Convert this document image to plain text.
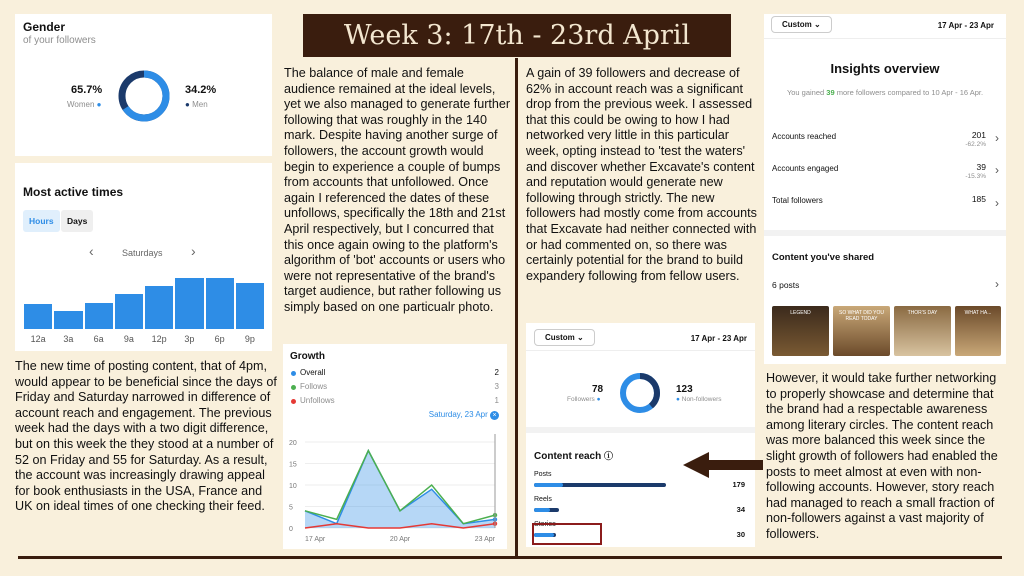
Week 3: 17th - 23rd April
Gender
of your followers
65.7%
Women ●
34.2%
● Men
Most active times
Hours	Days
‹	Saturdays ›
12a	3a	6a	9a	12p	3p	6p	9p
The new time of posting content, that of 4pm, would appear to be beneficial since the days of Friday and Saturday narrowed in difference of account reach and engagement. The previous week had the days with a two digit difference, but on this week the they stood at a number of 52 on Friday and 55 for Saturday. As a result, the account was increasingly drawing appeal for book enthusiasts in the USA, France and UK on ideal times of one checking their feed.
The balance of male and female audience remained at the ideal levels, yet we also managed to generate further following that was roughly in the 140 mark. Despite having another surge of followers, the account growth would begin to experience a couple of bumps from accounts that unfollowed. Once again I referenced the dates of these unfollows, specifically the 18th and 21st April respectively, but I concurred that this once again owing to the platform's algorithm of 'bot' accounts or users who were not representative of the brand's target audience, but rather following us simply based on one particualr photo.
Growth
Overall	2
Follows	3
Unfollows	1
Saturday, 23 Apr ×
20
15
10
5
0
17 Apr	20 Apr	23 Apr
A gain of 39 followers and decrease of 62% in account reach was a significant drop from the previous week. I assessed that this could be owing to how I had networked very little in this particular week, opting instead to 'test the waters' and discover whether Excavate's content and reputation would generate new following through strictly. The new followers had mostly come from accounts that Excavate had neither connected with or had commented on, so there was certainly potential for the brand to build expandery following from fellow users.
Custom ⌄	17 Apr - 23 Apr
78
Followers ●
123
● Non-followers
Content reach ⓘ
Posts
179
Reels
34
Stories
30
Custom ⌄	17 Apr - 23 Apr
Insights overview
You gained 39 more followers compared to 10 Apr - 16 Apr.
Accounts reached	201
-62.2% ›
Accounts engaged	39
-15.3% ›
Total followers	185 ›
Content you've shared
6 posts	›
LEGEND	SO WHAT DID YOU READ TODAY
THOR'S DAY	WHAT HA...
However, it would take further networking to properly showcase and determine that the brand had a respectable awareness among literary circles. The content reach was more balanced this week since the slight growth of followers had enabled the posts to meet almost at even with non-following accounts. However, story reach had managed to reach a small fraction of non-followers against a vast majority of followers.
